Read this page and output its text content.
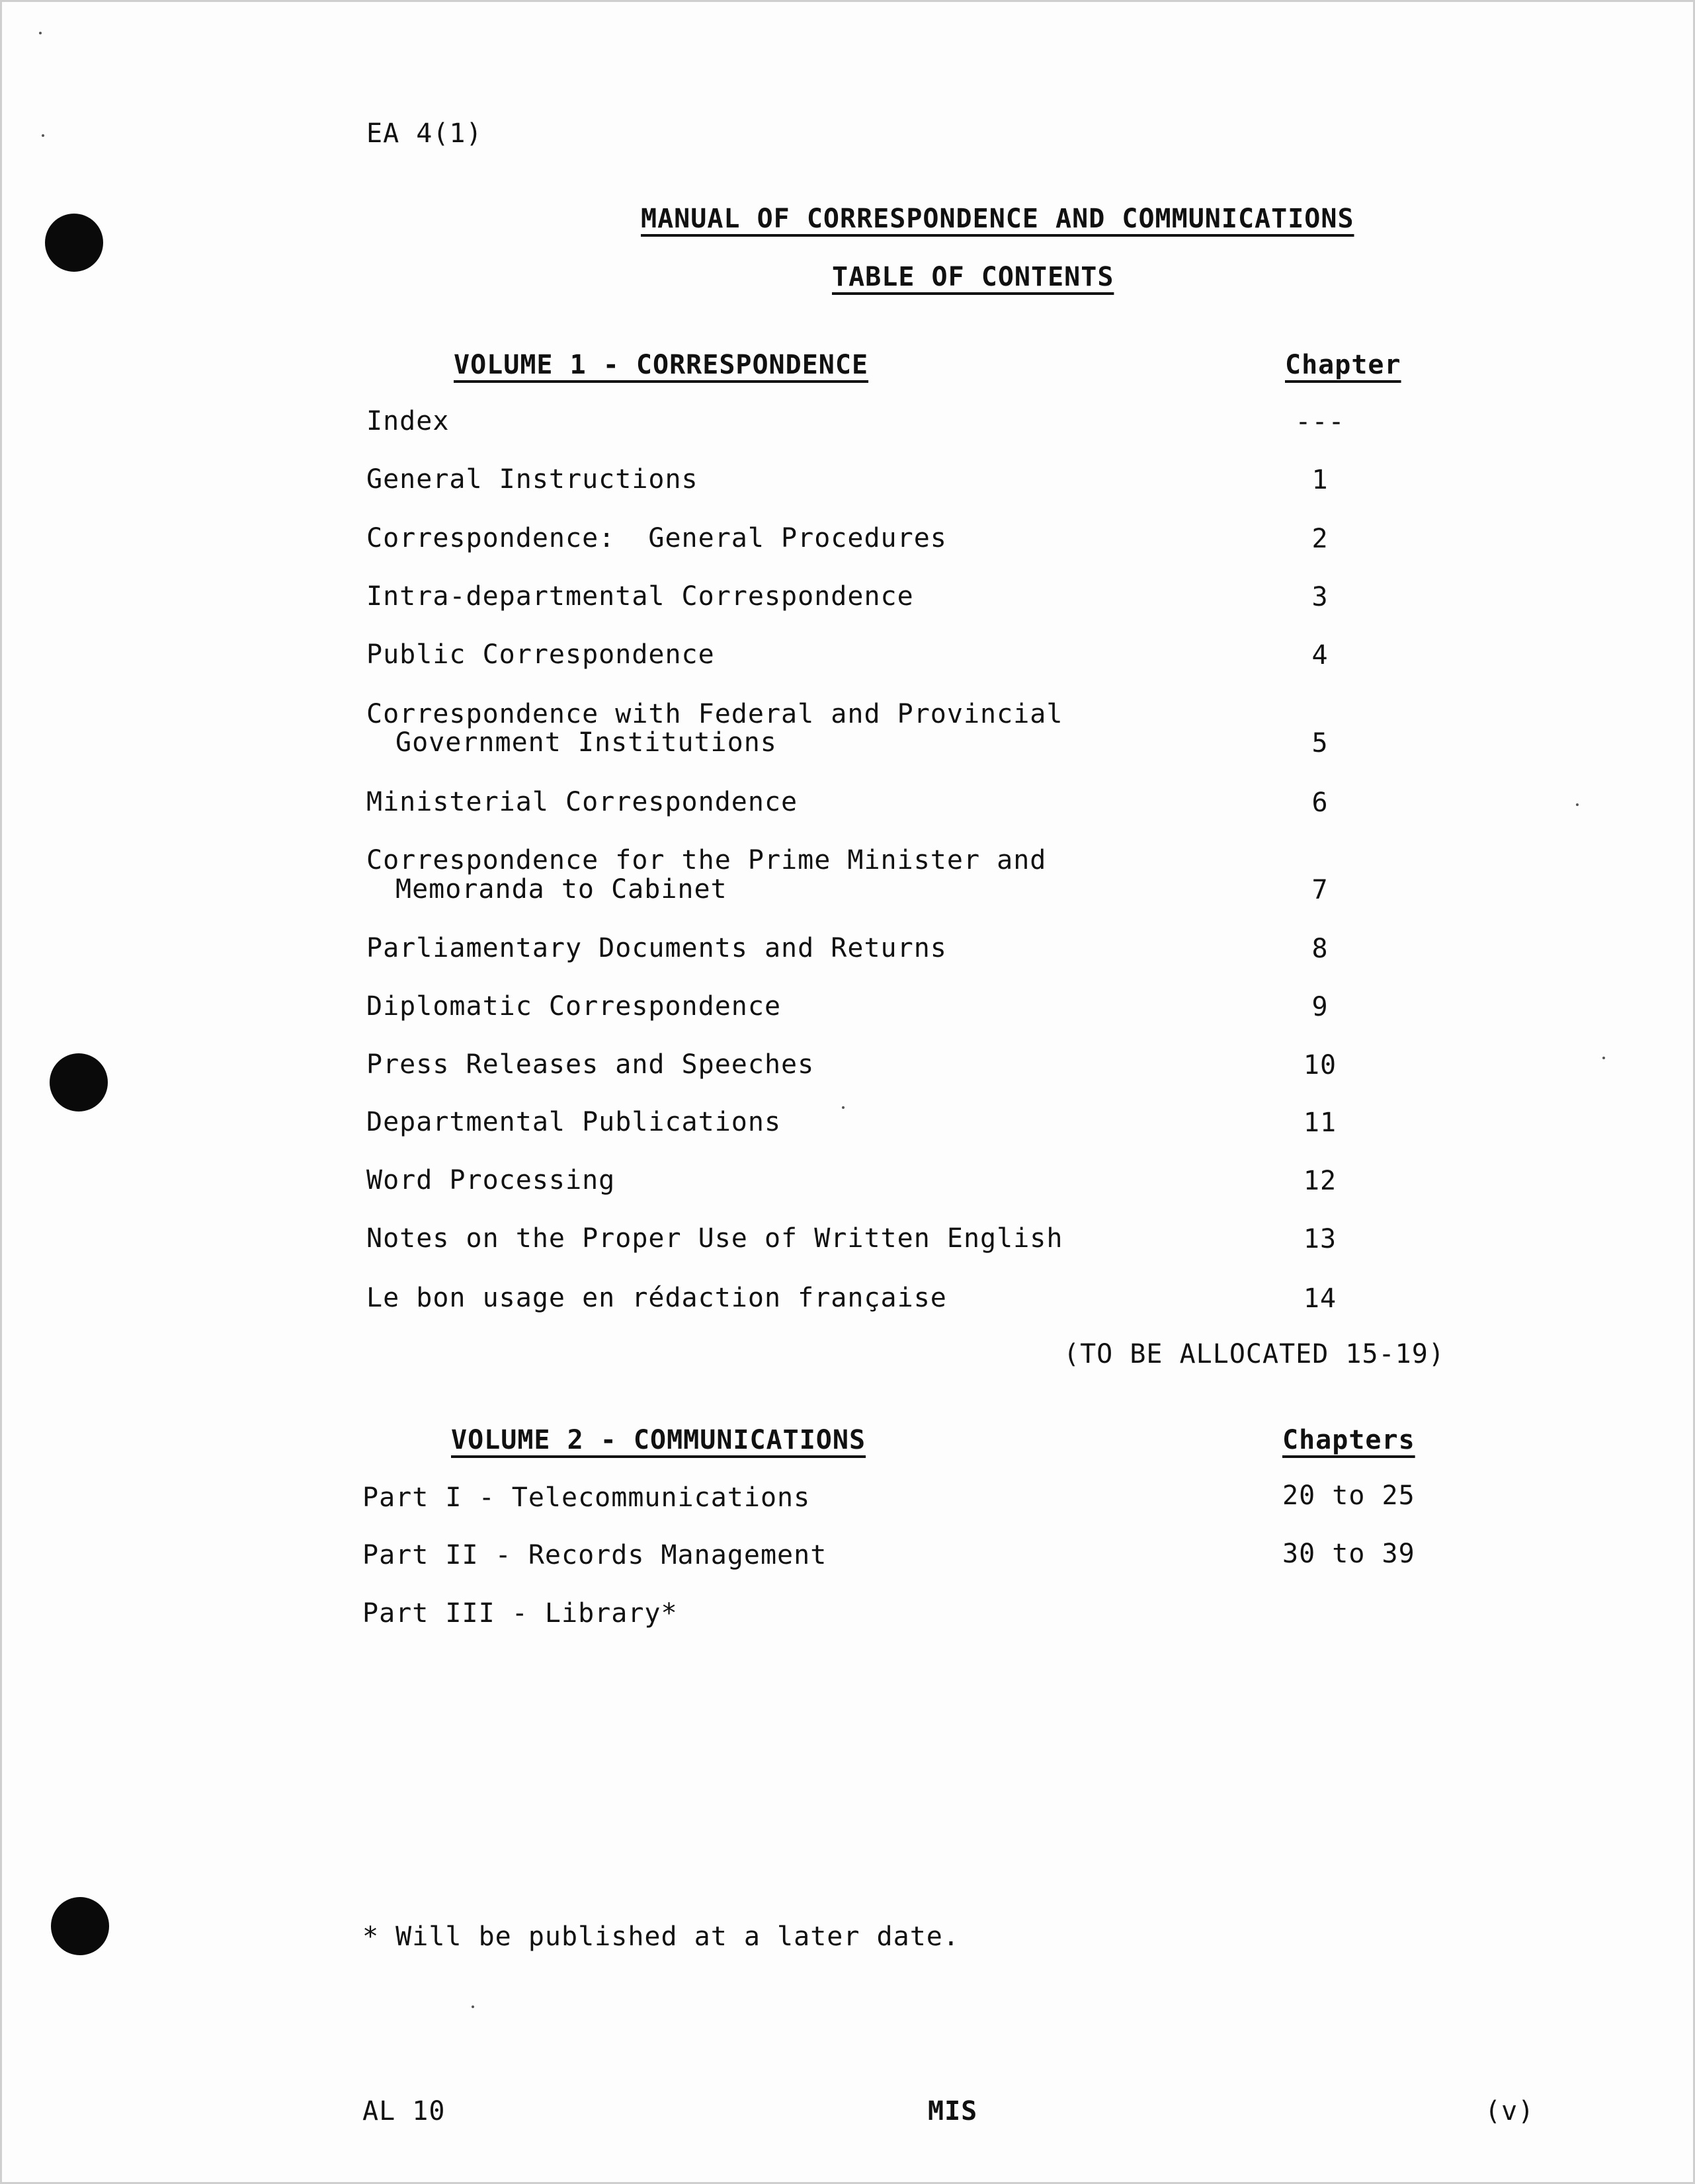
EA 4(1)
MANUAL OF CORRESPONDENCE AND COMMUNICATIONS
TABLE OF CONTENTS
VOLUME 1 - CORRESPONDENCE	Chapter
Index	---
General Instructions	1
Correspondence:  General Procedures	2
Intra-departmental Correspondence	3
Public Correspondence	4
Correspondence with Federal and Provincial
Government Institutions	5
Ministerial Correspondence	6
Correspondence for the Prime Minister and
Memoranda to Cabinet	7
Parliamentary Documents and Returns	8
Diplomatic Correspondence	9
Press Releases and Speeches	10
Departmental Publications	11
Word Processing	12
Notes on the Proper Use of Written English	13
Le bon usage en rédaction française	14
(TO BE ALLOCATED 15-19)
VOLUME 2 - COMMUNICATIONS	Chapters
Part I - Telecommunications	20 to 25
Part II - Records Management	30 to 39
Part III - Library*
* Will be published at a later date.
AL 10	MIS	(v)
